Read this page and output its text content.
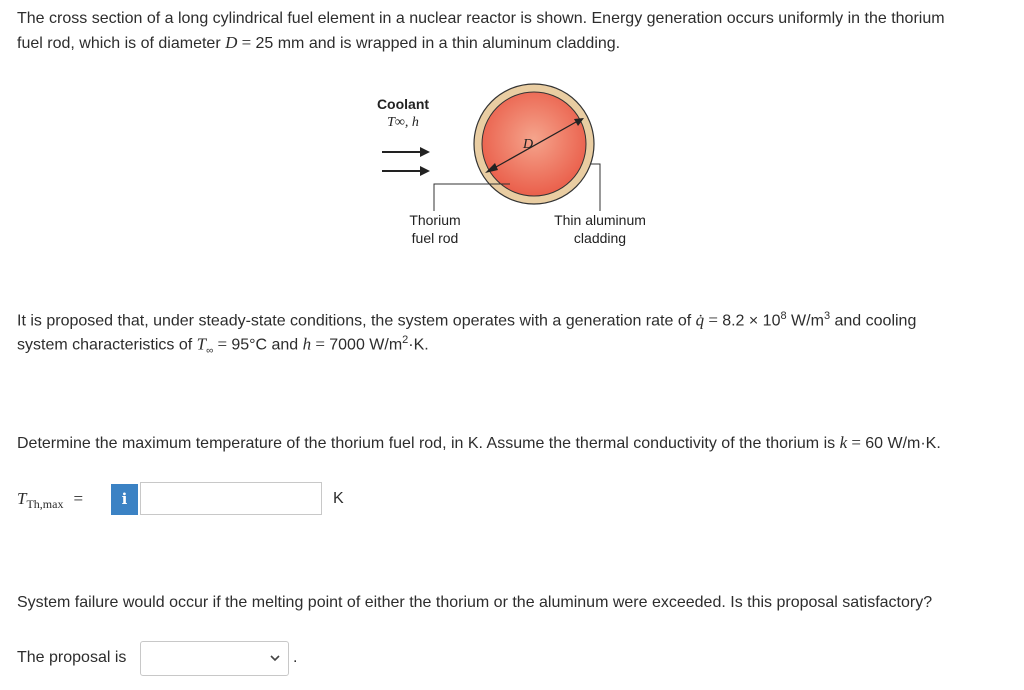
The cross section of a long cylindrical fuel element in a nuclear reactor is shown. Energy generation occurs uniformly in the thorium

fuel rod, which is of diameter D = 25 mm and is wrapped in a thin aluminum cladding.

Coolant
T∞, h
D
Thorium
fuel rod
Thin aluminum
cladding

It is proposed that, under steady-state conditions, the system operates with a generation rate of q̇ = $8.2 \times 10^8$ $W/m^3$ and cooling

system characteristics of $T_\infty = 95^\circ C$ and h = 7000 $W/m^2\cdot K$.

Determine the maximum temperature of the thorium fuel rod, in K. Assume the thermal conductivity of the thorium is k = 60 W/m·K.

$T_{Th,max}$ =	i	K

System failure would occur if the melting point of either the thorium or the aluminum were exceeded. Is this proposal satisfactory?

The proposal is	.
